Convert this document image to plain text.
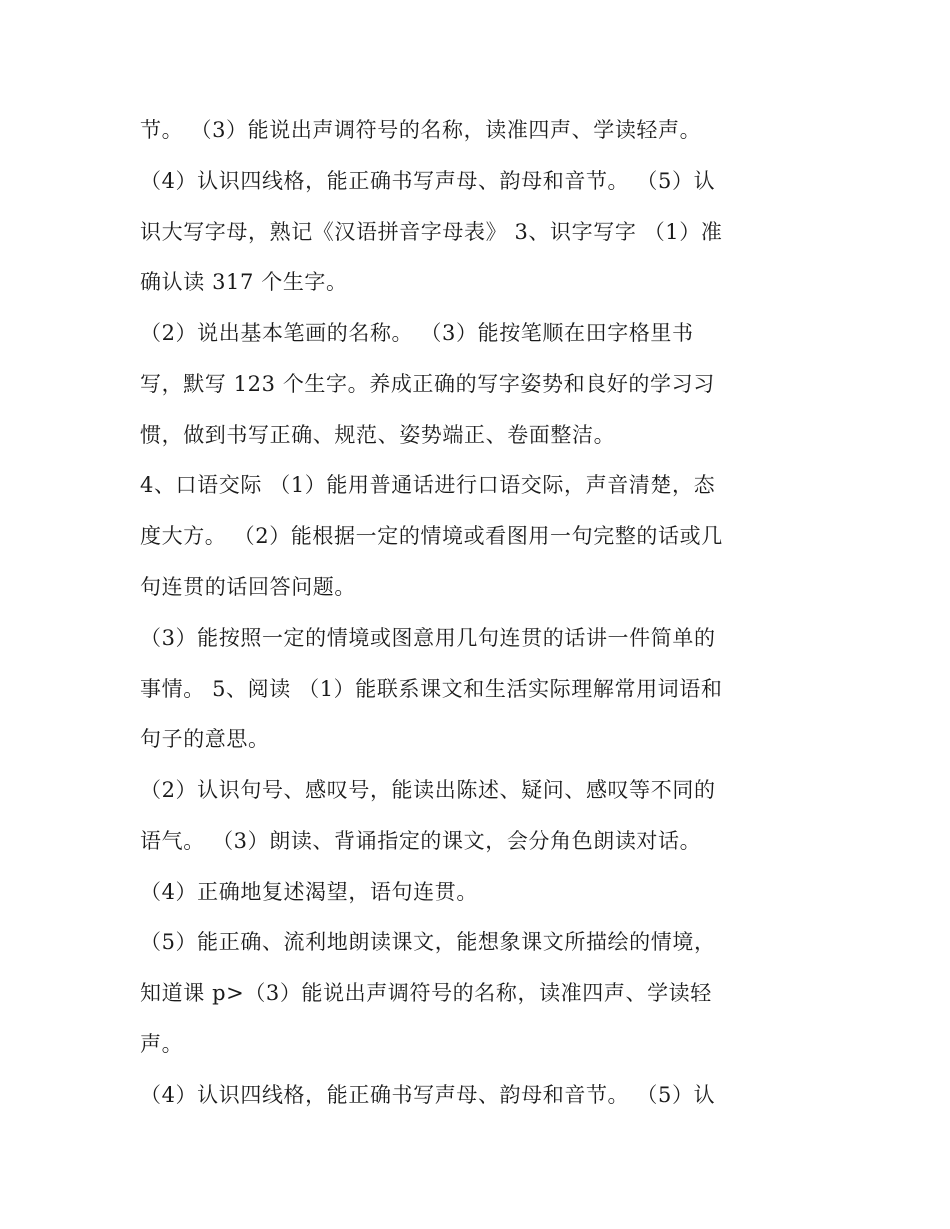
节。 （3）能说出声调符号的名称，读准四声、学读轻声。
（4）认识四线格，能正确书写声母、韵母和音节。 （5）认
识大写字母，熟记《汉语拼音字母表》 3、识字写字 （1）准
确认读 317 个生字。
（2）说出基本笔画的名称。 （3）能按笔顺在田字格里书
写，默写 123 个生字。养成正确的写字姿势和良好的学习习
惯，做到书写正确、规范、姿势端正、卷面整洁。
4、口语交际 （1）能用普通话进行口语交际，声音清楚，态
度大方。 （2）能根据一定的情境或看图用一句完整的话或几
句连贯的话回答问题。
（3）能按照一定的情境或图意用几句连贯的话讲一件简单的
事情。 5、阅读 （1）能联系课文和生活实际理解常用词语和
句子的意思。
（2）认识句号、感叹号，能读出陈述、疑问、感叹等不同的
语气。 （3）朗读、背诵指定的课文，会分角色朗读对话。
（4）正确地复述渴望，语句连贯。
（5）能正确、流利地朗读课文，能想象课文所描绘的情境，
知道课 p>（3）能说出声调符号的名称，读准四声、学读轻
声。
（4）认识四线格，能正确书写声母、韵母和音节。 （5）认
